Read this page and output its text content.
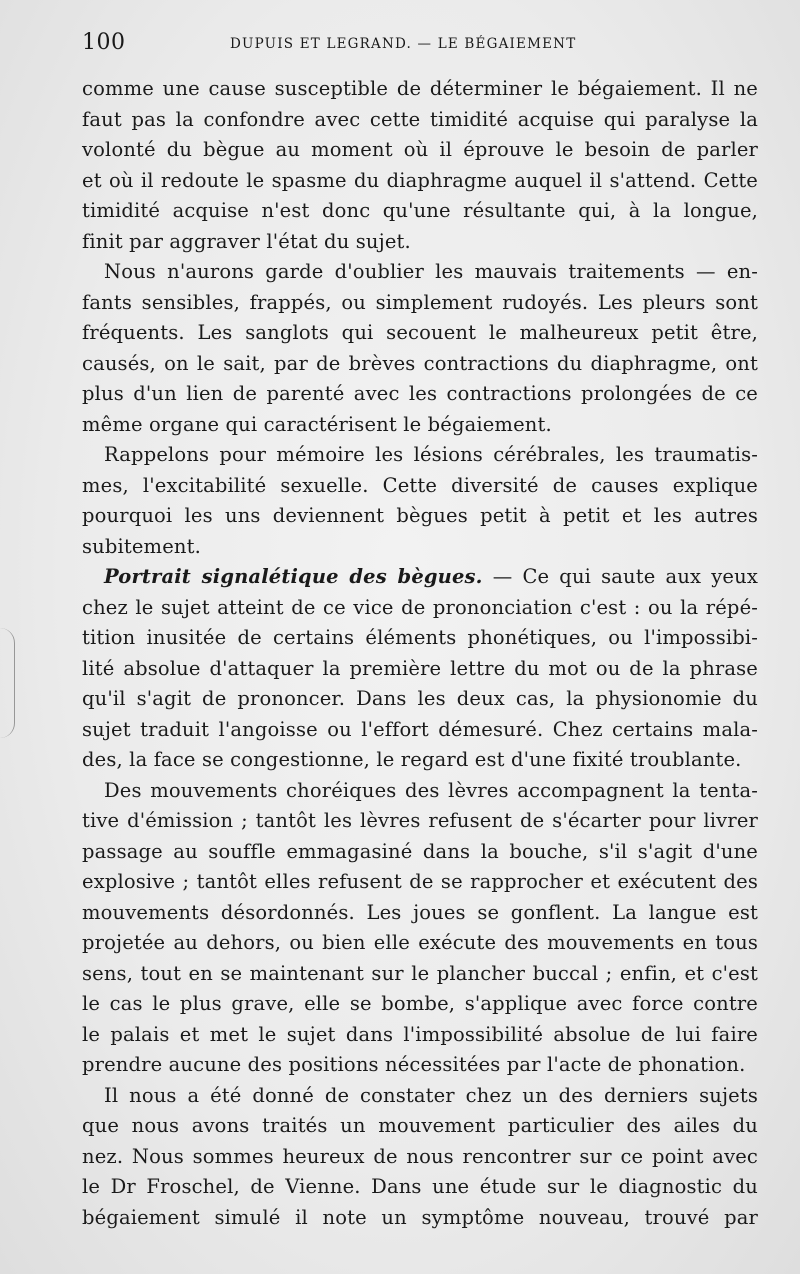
100	DUPUIS ET LEGRAND. — LE BÉGAIEMENT
comme une cause susceptible de déterminer le bégaiement. Il ne
faut pas la confondre avec cette timidité acquise qui paralyse la
volonté du bègue au moment où il éprouve le besoin de parler
et où il redoute le spasme du diaphragme auquel il s'attend. Cette
timidité acquise n'est donc qu'une résultante qui, à la longue,
finit par aggraver l'état du sujet.
Nous n'aurons garde d'oublier les mauvais traitements — en-
fants sensibles, frappés, ou simplement rudoyés. Les pleurs sont
fréquents. Les sanglots qui secouent le malheureux petit être,
causés, on le sait, par de brèves contractions du diaphragme, ont
plus d'un lien de parenté avec les contractions prolongées de ce
même organe qui caractérisent le bégaiement.
Rappelons pour mémoire les lésions cérébrales, les traumatis-
mes, l'excitabilité sexuelle. Cette diversité de causes explique
pourquoi les uns deviennent bègues petit à petit et les autres
subitement.
Portrait signalétique des bègues. — Ce qui saute aux yeux
chez le sujet atteint de ce vice de prononciation c'est : ou la répé-
tition inusitée de certains éléments phonétiques, ou l'impossibi-
lité absolue d'attaquer la première lettre du mot ou de la phrase
qu'il s'agit de prononcer. Dans les deux cas, la physionomie du
sujet traduit l'angoisse ou l'effort démesuré. Chez certains mala-
des, la face se congestionne, le regard est d'une fixité troublante.
Des mouvements choréiques des lèvres accompagnent la tenta-
tive d'émission ; tantôt les lèvres refusent de s'écarter pour livrer
passage au souffle emmagasiné dans la bouche, s'il s'agit d'une
explosive ; tantôt elles refusent de se rapprocher et exécutent des
mouvements désordonnés. Les joues se gonflent. La langue est
projetée au dehors, ou bien elle exécute des mouvements en tous
sens, tout en se maintenant sur le plancher buccal ; enfin, et c'est
le cas le plus grave, elle se bombe, s'applique avec force contre
le palais et met le sujet dans l'impossibilité absolue de lui faire
prendre aucune des positions nécessitées par l'acte de phonation.
Il nous a été donné de constater chez un des derniers sujets
que nous avons traités un mouvement particulier des ailes du
nez. Nous sommes heureux de nous rencontrer sur ce point avec
le Dr Froschel, de Vienne. Dans une étude sur le diagnostic du
bégaiement simulé il note un symptôme nouveau, trouvé par
